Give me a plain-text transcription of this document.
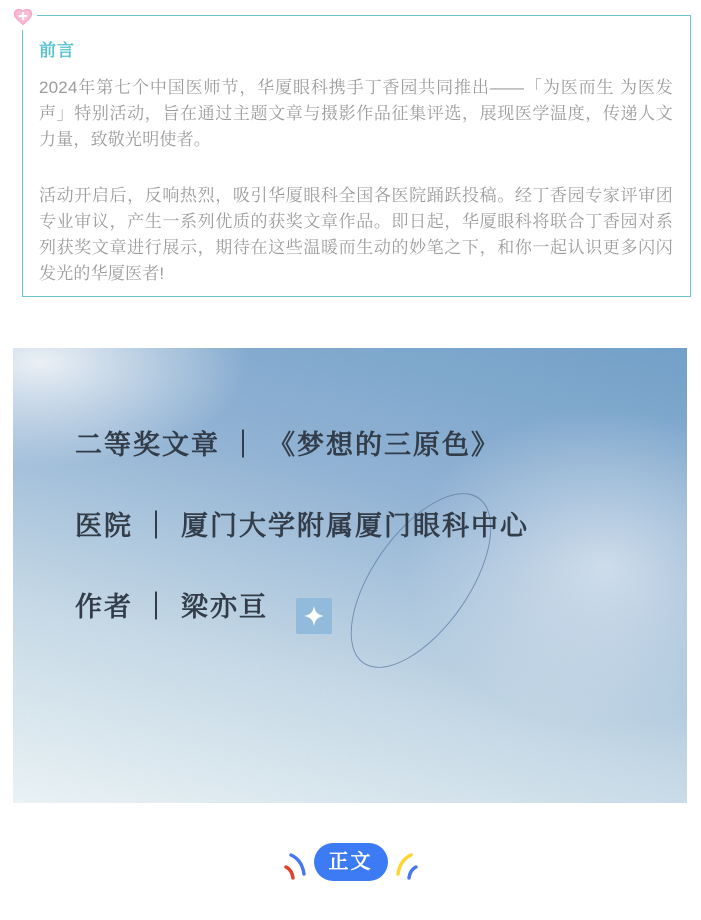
前言

2024年第七个中国医师节，华厦眼科携手丁香园共同推出——「为医而生 为医发声」特别活动，旨在通过主题文章与摄影作品征集评选，展现医学温度，传递人文力量，致敬光明使者。

活动开启后，反响热烈，吸引华厦眼科全国各医院踊跃投稿。经丁香园专家评审团专业审议，产生一系列优质的获奖文章作品。即日起，华厦眼科将联合丁香园对系列获奖文章进行展示，期待在这些温暖而生动的妙笔之下，和你一起认识更多闪闪发光的华厦医者!

二等奖文章 ｜ 《梦想的三原色》
医院 ｜ 厦门大学附属厦门眼科中心
作者 ｜ 梁亦亘
正文
